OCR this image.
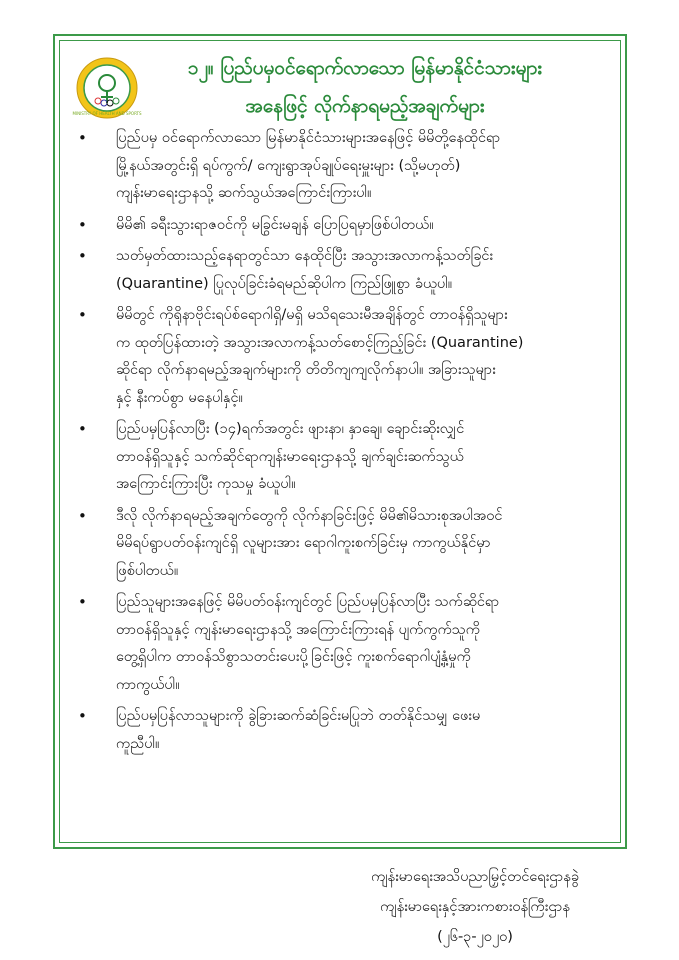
MINISTRY OF HEALTH AND SPORTS
၁၂။ ပြည်ပမှဝင်ရောက်လာသော မြန်မာနိုင်ငံသားများ
အနေဖြင့် လိုက်နာရမည့်အချက်များ
• ပြည်ပမှ ဝင်ရောက်လာသော မြန်မာနိုင်ငံသားများအနေဖြင့် မိမိတို့နေထိုင်ရာ
မြို့နယ်အတွင်းရှိ ရပ်ကွက်/ ကျေးရွာအုပ်ချုပ်ရေးမှူးများ (သို့မဟုတ်)
ကျန်းမာရေးဌာနသို့ ဆက်သွယ်အကြောင်းကြားပါ။
• မိမိ၏ ခရီးသွားရာဇဝင်ကို မခြွင်းမချန် ပြောပြရမှာဖြစ်ပါတယ်။
• သတ်မှတ်ထားသည့်နေရာတွင်သာ နေထိုင်ပြီး အသွားအလာကန့်သတ်ခြင်း
(Quarantine) ပြုလုပ်ခြင်းခံရမည်ဆိုပါက ကြည်ဖြူစွာ ခံယူပါ။
• မိမိတွင် ကိုရိုနာဗိုင်းရပ်စ်ရောဂါရှိ/မရှိ မသိရသေးမီအချိန်တွင် တာဝန်ရှိသူများ
က ထုတ်ပြန်ထားတဲ့ အသွားအလာကန့်သတ်စောင့်ကြည့်ခြင်း (Quarantine)
ဆိုင်ရာ လိုက်နာရမည့်အချက်များကို တိတိကျကျလိုက်နာပါ။ အခြားသူများ
နှင့် နီးကပ်စွာ မနေပါနှင့်။
• ပြည်ပမှပြန်လာပြီး (၁၄)ရက်အတွင်း ဖျားနာ၊ နှာချေ၊ ချောင်းဆိုးလျှင်
တာဝန်ရှိသူနှင့် သက်ဆိုင်ရာကျန်းမာရေးဌာနသို့ ချက်ချင်းဆက်သွယ်
အကြောင်းကြားပြီး ကုသမှု ခံယူပါ။
• ဒီလို လိုက်နာရမည့်အချက်တွေကို လိုက်နာခြင်းဖြင့် မိမိ၏မိသားစုအပါအဝင်
မိမိရပ်ရွာပတ်ဝန်းကျင်ရှိ လူများအား ရောဂါကူးစက်ခြင်းမှ ကာကွယ်နိုင်မှာ
ဖြစ်ပါတယ်။
• ပြည်သူများအနေဖြင့် မိမိပတ်ဝန်းကျင်တွင် ပြည်ပမှပြန်လာပြီး သက်ဆိုင်ရာ
တာဝန်ရှိသူနှင့် ကျန်းမာရေးဌာနသို့ အကြောင်းကြားရန် ပျက်ကွက်သူကို
တွေ့ရှိပါက တာဝန်သိစွာသတင်းပေးပို့ခြင်းဖြင့် ကူးစက်ရောဂါပျံ့နှံ့မှုကို
ကာကွယ်ပါ။
• ပြည်ပမှပြန်လာသူများကို ခွဲခြားဆက်ဆံခြင်းမပြုဘဲ တတ်နိုင်သမျှ ဖေးမ
ကူညီပါ။
ကျန်းမာရေးအသိပညာမြှင့်တင်ရေးဌာနခွဲ
ကျန်းမာရေးနှင့်အားကစားဝန်ကြီးဌာန
(၂၆-၃-၂၀၂၀)
